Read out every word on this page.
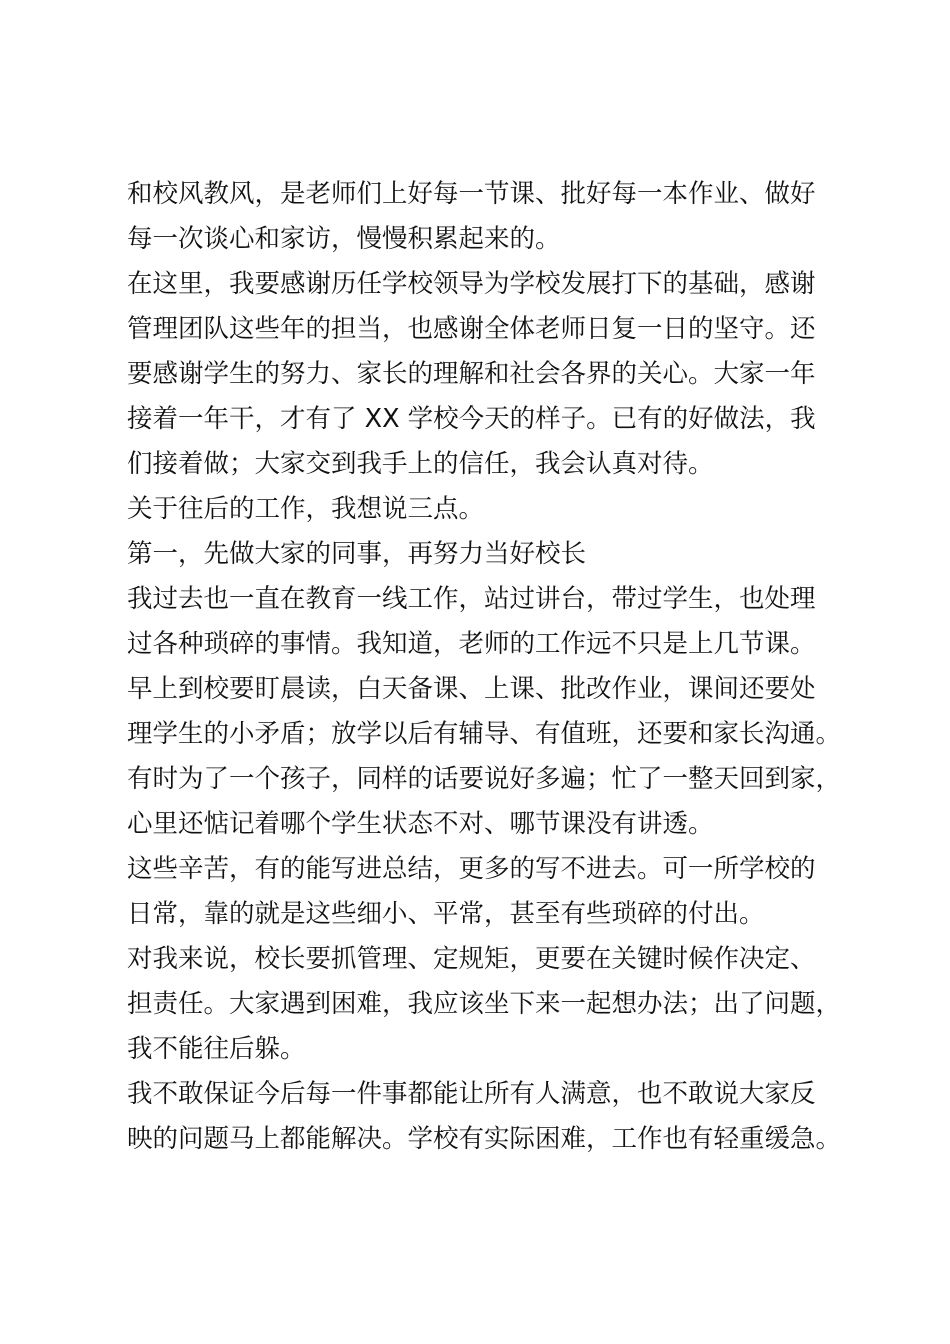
和校风教风，是老师们上好每一节课、批好每一本作业、做好
每一次谈心和家访，慢慢积累起来的。
在这里，我要感谢历任学校领导为学校发展打下的基础，感谢
管理团队这些年的担当，也感谢全体老师日复一日的坚守。还
要感谢学生的努力、家长的理解和社会各界的关心。大家一年
接着一年干，才有了 XX 学校今天的样子。已有的好做法，我
们接着做；大家交到我手上的信任，我会认真对待。
关于往后的工作，我想说三点。
第一，先做大家的同事，再努力当好校长
我过去也一直在教育一线工作，站过讲台，带过学生，也处理
过各种琐碎的事情。我知道，老师的工作远不只是上几节课。
早上到校要盯晨读，白天备课、上课、批改作业，课间还要处
理学生的小矛盾；放学以后有辅导、有值班，还要和家长沟通。
有时为了一个孩子，同样的话要说好多遍；忙了一整天回到家，
心里还惦记着哪个学生状态不对、哪节课没有讲透。
这些辛苦，有的能写进总结，更多的写不进去。可一所学校的
日常，靠的就是这些细小、平常，甚至有些琐碎的付出。
对我来说，校长要抓管理、定规矩，更要在关键时候作决定、
担责任。大家遇到困难，我应该坐下来一起想办法；出了问题，
我不能往后躲。
我不敢保证今后每一件事都能让所有人满意，也不敢说大家反
映的问题马上都能解决。学校有实际困难，工作也有轻重缓急。
